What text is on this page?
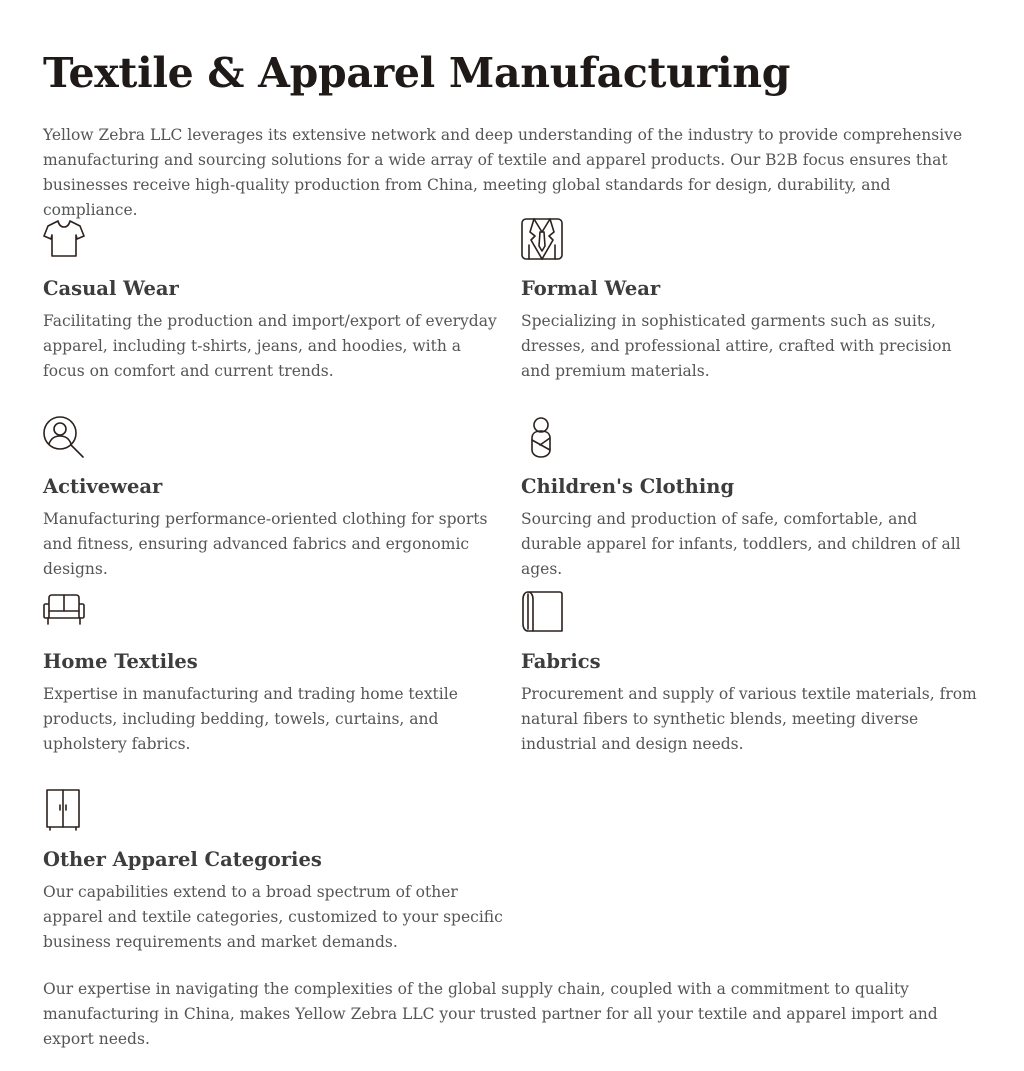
Textile & Apparel Manufacturing

Yellow Zebra LLC leverages its extensive network and deep understanding of the industry to provide comprehensive manufacturing and sourcing solutions for a wide array of textile and apparel products. Our B2B focus ensures that businesses receive high-quality production from China, meeting global standards for design, durability, and compliance.

Casual Wear

Facilitating the production and import/export of everyday apparel, including t-shirts, jeans, and hoodies, with a focus on comfort and current trends.

Formal Wear

Specializing in sophisticated garments such as suits, dresses, and professional attire, crafted with precision and premium materials.

Activewear

Manufacturing performance-oriented clothing for sports and fitness, ensuring advanced fabrics and ergonomic designs.

Children's Clothing

Sourcing and production of safe, comfortable, and durable apparel for infants, toddlers, and children of all ages.

Home Textiles

Expertise in manufacturing and trading home textile products, including bedding, towels, curtains, and upholstery fabrics.

Fabrics

Procurement and supply of various textile materials, from natural fibers to synthetic blends, meeting diverse industrial and design needs.

Other Apparel Categories

Our capabilities extend to a broad spectrum of other apparel and textile categories, customized to your specific business requirements and market demands.

Our expertise in navigating the complexities of the global supply chain, coupled with a commitment to quality manufacturing in China, makes Yellow Zebra LLC your trusted partner for all your textile and apparel import and export needs.
